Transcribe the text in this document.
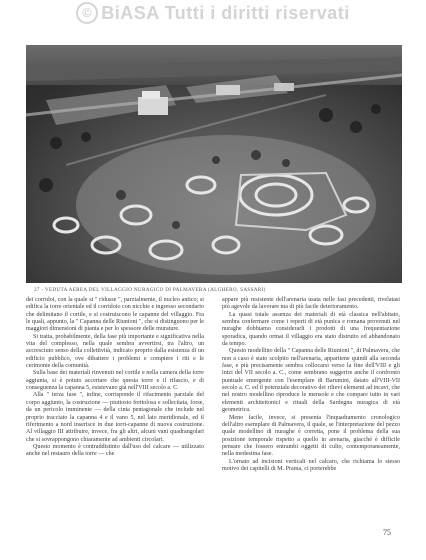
© BiASA Tutti i diritti riservati
27 - VEDUTA AEREA DEL VILLAGGIO NURAGICO DI PALMAVERA (ALGHERO, SASSARI)

dei corridoi, con la quale si " ridusse ", parzialmente, il nucleo antico; si edifica la torre orientale ed il corridoio con nicchie e ingresso secondario che delimitano il cortile, e si costruiscono le capanne del villaggio. Fra le quali, appunto, la " Capanna delle Riunioni ", che si distinguono per le maggiori dimensioni di pianta e per lo spessore delle murature.

Si tratta, probabilmente, della fase più importante e significativa nella vita del complesso, nella quale sembra avvertirsi, tra l'altro, un accresciuto senso della collettività, indicato proprio dalla esistenza di un edificio pubblico, ove dibattere i problemi e compiere i riti e le cerimonie della comunità.

Sulla base dei materiali rinvenuti nel cortile e nella camera della torre aggiunta, si è potuto accertare che questa torre e il rifascio, e di conseguenza la capanna 5, esistevano già nell'VIII secolo a. C.

Alla " terza fase ", infine, corrisponde il rifacimento parziale del corpo aggiunto, la costruzione — piuttosto frettolosa e sollecitata, forse, da un pericolo imminente — della cinta pentagonale che include nel proprio tracciato la capanna 4 e il vano 5, nel lato meridionale, ed il riferimento a nord inserisce in due torri-capanne di nuova costruzione. Al villaggio III attribuire, invece, fra gli altri, alcuni vani quadrangolari che si sovrappongono chiaramente ad ambienti circolari.

Questo momento è contraddistinto dall'uso del calcare — utilizzato anche nel restauro della torre — che

appare più resistente dell'arenaria usata nelle fasi precedenti, rivelatasi più agevole da lavorare ma di più facile deterioramento.

La quasi totale assenza dei materiali di età classica nell'abitato, sembra confermare come i reperti di età punica e romana provenuti nel nuraghe dobbiamo considerarli i prodotti di una frequentazione sporadica, quando ormai il villaggio era stato distrutto ed abbandonato da tempo.

Questo modellino della " Capanna delle Riunioni ", di Palmavera, che non a caso è stato scolpito nell'arenaria, appartiene quindi alla seconda fase, e più precisamente sembra collocarsi verso la fine dell'VIII e gli inizi del VII secolo a. C., come sembrano suggerire anche il confronto puntuale emergente con l'esemplare di Barumini, datato all'VIII-VII secolo a. C. ed il potenziale decorativo dei rilievi elementi ad incavi, che nel nostro modellino riproduce le mensole e che compare tutto in vari elementi architettonici e rituali della Sardegna nuragica di età geometrica.

Meno facile, invece, si presenta l'inquadramento cronologico dell'altro esemplare di Palmavera, il quale, se l'interpretazione del pezzo quale modellino di nuraghe è corretta, pone il problema della sua posizione temporale rispetto a quello in arenaria, giacché è difficile pensare che fossero entrambi oggetti di culto, contemporaneamente, nella medesima fase.

L'ornato ad incisioni verticali nel calcaro, che richiama lo stesso motivo dei capitelli di M. Prama, ci porterebbe

75
